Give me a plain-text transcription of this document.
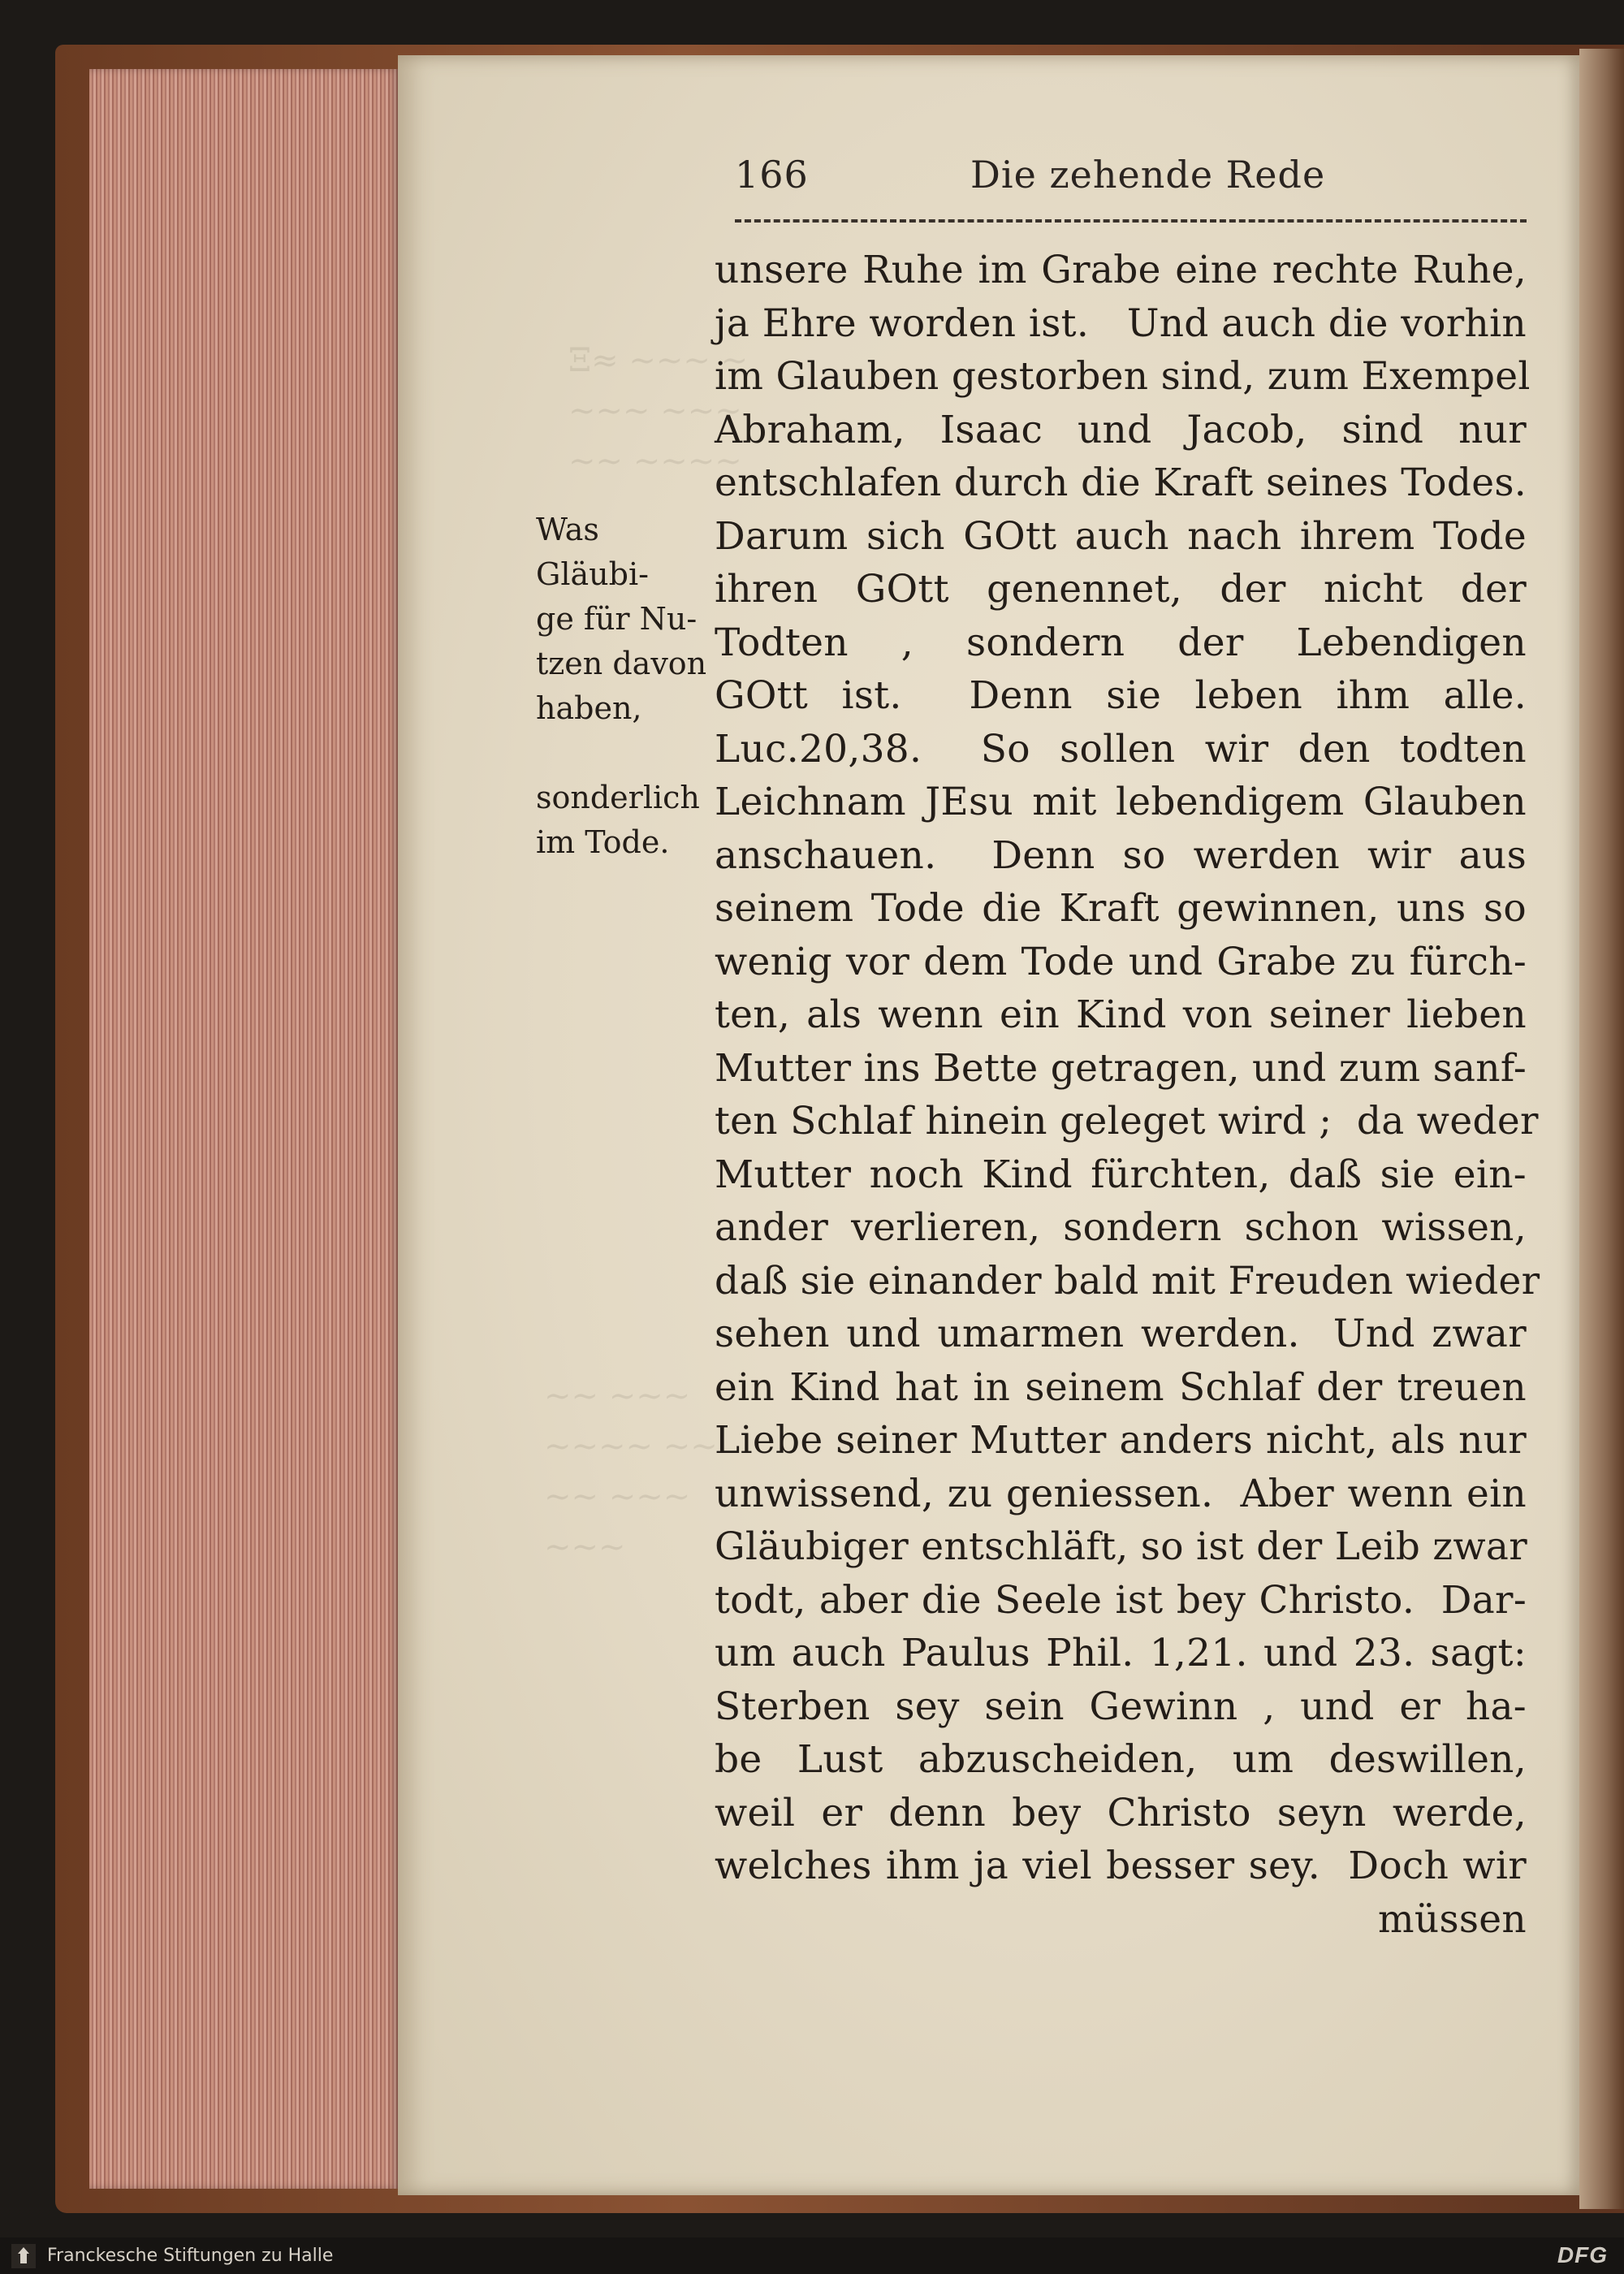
Ξ≈ ∼∼∼ ∼
∼∼∼ ∼∼∼
∼∼ ∼∼∼∼
∼∼ ∼∼∼
∼∼∼∼ ∼∼
∼∼ ∼∼∼
∼∼∼
166	Die zehende Rede
Was
Gläubi-
ge für Nu-
tzen davon
haben,
sonderlich
im Tode.
unsere Ruhe im Grabe eine rechte Ruhe,
ja Ehre worden ist.   Und auch die vorhin
im Glauben gestorben sind, zum Exempel
Abraham, Isaac und Jacob, sind nur
entschlafen durch die Kraft seines Todes.
Darum sich GOtt auch nach ihrem Tode
ihren GOtt genennet, der nicht der
Todten , sondern der Lebendigen
GOtt ist.  Denn sie leben ihm alle.
Luc.20,38.  So sollen wir den todten
Leichnam JEsu mit lebendigem Glauben
anschauen.  Denn so werden wir aus
seinem Tode die Kraft gewinnen, uns so
wenig vor dem Tode und Grabe zu fürch-
ten, als wenn ein Kind von seiner lieben
Mutter ins Bette getragen, und zum sanf-
ten Schlaf hinein geleget wird ;  da weder
Mutter noch Kind fürchten, daß sie ein-
ander verlieren, sondern schon wissen,
daß sie einander bald mit Freuden wieder
sehen und umarmen werden.  Und zwar
ein Kind hat in seinem Schlaf der treuen
Liebe seiner Mutter anders nicht, als nur
unwissend, zu geniessen.  Aber wenn ein
Gläubiger entschläft, so ist der Leib zwar
todt, aber die Seele ist bey Christo.  Dar-
um auch Paulus Phil. 1,21. und 23. sagt:
Sterben sey sein Gewinn , und er ha-
be Lust abzuscheiden, um deswillen,
weil er denn bey Christo seyn werde,
welches ihm ja viel besser sey.  Doch wir
müssen
Franckesche Stiftungen zu Halle	DFG
